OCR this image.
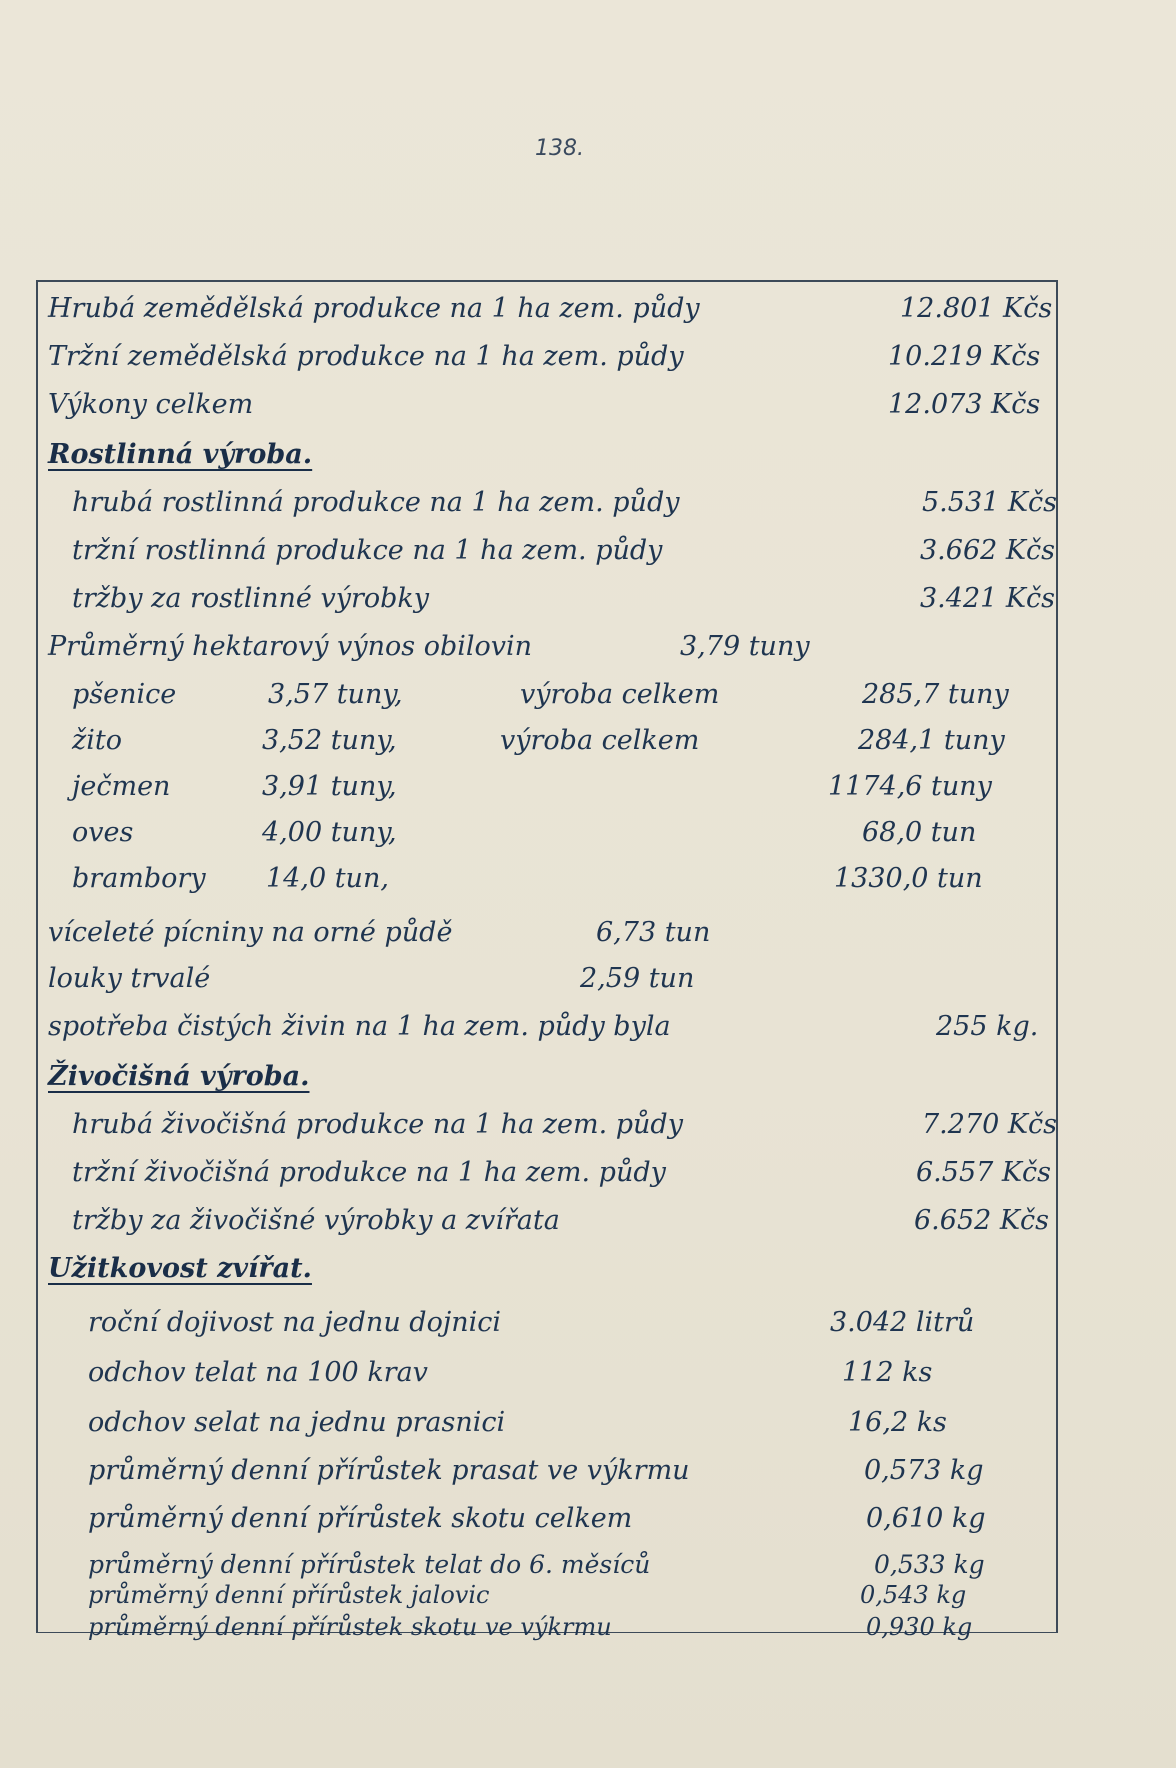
138.
Hrubá zemědělská produkce na 1 ha zem. půdy	12.801 Kčs
Tržní zemědělská produkce na 1 ha zem. půdy	10.219 Kčs
Výkony celkem	12.073 Kčs
Rostlinná výroba.
hrubá rostlinná produkce na 1 ha zem. půdy	5.531 Kčs
tržní rostlinná produkce na 1 ha zem. půdy	3.662 Kčs
tržby za rostlinné výrobky	3.421 Kčs
Průměrný hektarový výnos obilovin	3,79 tuny
pšenice	3,57 tuny,	výroba celkem	285,7 tuny
žito	3,52 tuny,	výroba celkem	284,1 tuny
ječmen	3,91 tuny,	1174,6 tuny
oves	4,00 tuny,	68,0 tun
brambory 14,0 tun,	1330,0 tun
víceleté pícniny na orné půdě	6,73 tun
louky trvalé	2,59 tun
spotřeba čistých živin na 1 ha zem. půdy byla	255 kg.
Živočišná výroba.
hrubá živočišná produkce na 1 ha zem. půdy	7.270 Kčs
tržní živočišná produkce na 1 ha zem. půdy	6.557 Kčs
tržby za živočišné výrobky a zvířata	6.652 Kčs
Užitkovost zvířat.
roční dojivost na jednu dojnici	3.042 litrů
odchov telat na 100 krav	112 ks
odchov selat na jednu prasnici	16,2 ks
průměrný denní přírůstek prasat ve výkrmu	0,573 kg
průměrný denní přírůstek skotu celkem	0,610 kg
průměrný denní přírůstek telat do 6. měsíců	0,533 kg
průměrný denní přírůstek jalovic	0,543 kg
průměrný denní přírůstek skotu ve výkrmu	0,930 kg
